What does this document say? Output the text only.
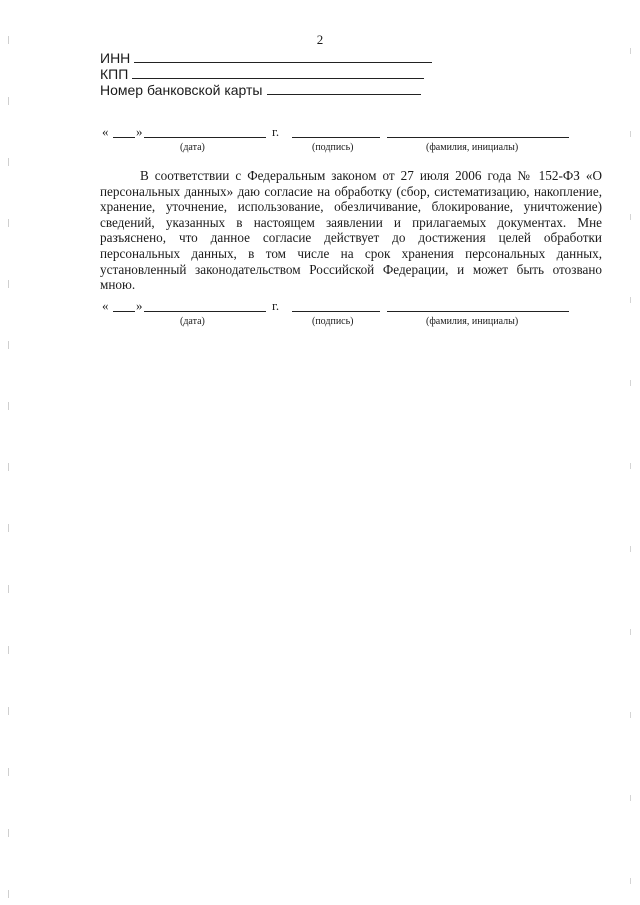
2
ИНН
КПП
Номер банковской карты
« »	г.
(дата)	(подпись)	(фамилия, инициалы)

В соответствии с Федеральным законом от 27 июля 2006 года № 152-ФЗ «О персональных данных» даю согласие на обработку (сбор, систематизацию, накопление, хранение, уточнение, использование, обезличивание, блокирование, уничтожение) сведений, указанных в настоящем заявлении и прилагаемых документах. Мне разъяснено, что данное согласие действует до достижения целей обработки персональных данных, в том числе на срок хранения персональных данных, установленный законодательством Российской Федерации, и может быть отозвано мною.

« »	г.
(дата)	(подпись)	(фамилия, инициалы)
